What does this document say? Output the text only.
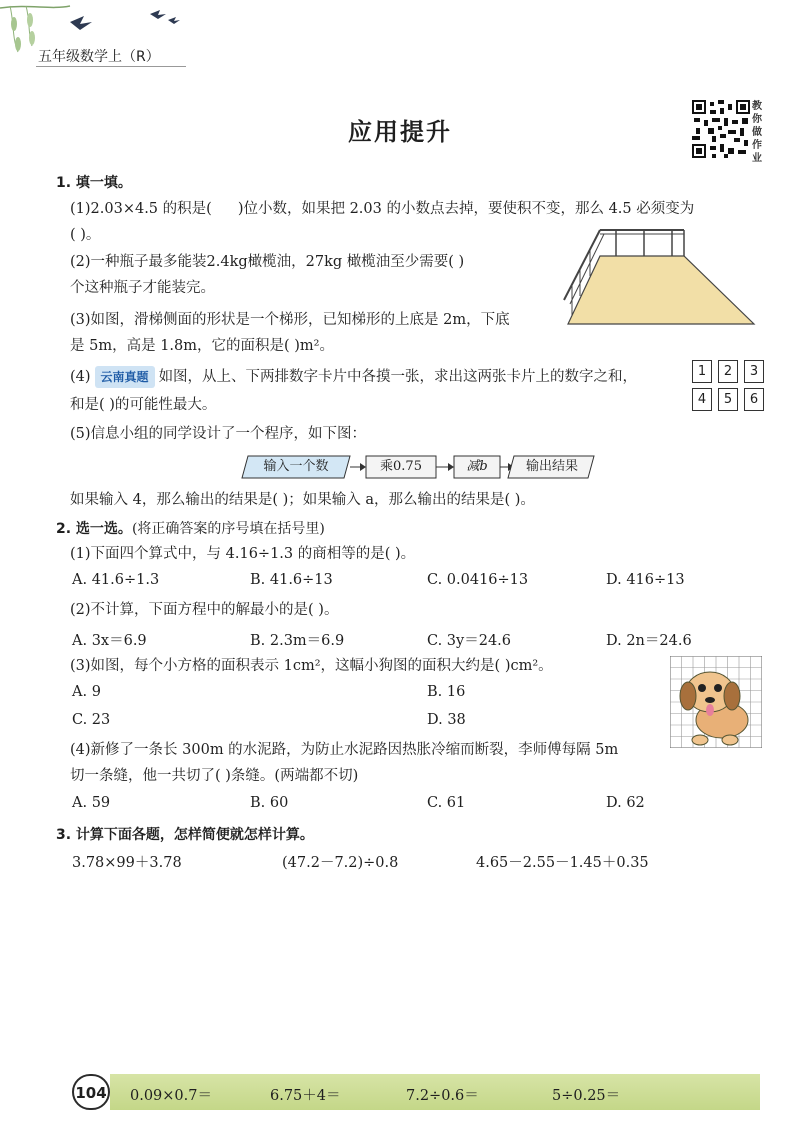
五年级数学上（R）
应用提升
教你做作业
1. 填一填。
(1)2.03×4.5 的积是( )位小数，如果把 2.03 的小数点去掉，要使积不变，那么 4.5 必须变为
( )。
(2)一种瓶子最多能装2.4kg橄榄油，27kg 橄榄油至少需要( )
个这种瓶子才能装完。
(3)如图，滑梯侧面的形状是一个梯形，已知梯形的上底是 2m，下底
是 5m，高是 1.8m，它的面积是( )m²。
(4) 云南真题 如图，从上、下两排数字卡片中各摸一张，求出这两张卡片上的数字之和，
和是( )的可能性最大。
1	2	3
4	5	6
(5)信息小组的同学设计了一个程序，如下图：
输入一个数	乘0.75	减b	输出结果
如果输入 4，那么输出的结果是( )；如果输入 a，那么输出的结果是( )。
2. 选一选。(将正确答案的序号填在括号里)
(1)下面四个算式中，与 4.16÷1.3 的商相等的是( )。
A. 41.6÷1.3	B. 41.6÷13	C. 0.0416÷13	D. 416÷13
(2)不计算，下面方程中的解最小的是( )。
A. 3x＝6.9	B. 2.3m＝6.9	C. 3y＝24.6	D. 2n＝24.6
(3)如图，每个小方格的面积表示 1cm²，这幅小狗图的面积大约是( )cm²。
A. 9	B. 16
C. 23	D. 38
(4)新修了一条长 300m 的水泥路，为防止水泥路因热胀冷缩而断裂，李师傅每隔 5m
切一条缝，他一共切了( )条缝。(两端都不切)
A. 59	B. 60	C. 61	D. 62
3. 计算下面各题，怎样简便就怎样计算。
3.78×99＋3.78	(47.2－7.2)÷0.8	4.65－2.55－1.45＋0.35
104 0.09×0.7＝	6.75＋4＝	7.2÷0.6＝	5÷0.25＝
